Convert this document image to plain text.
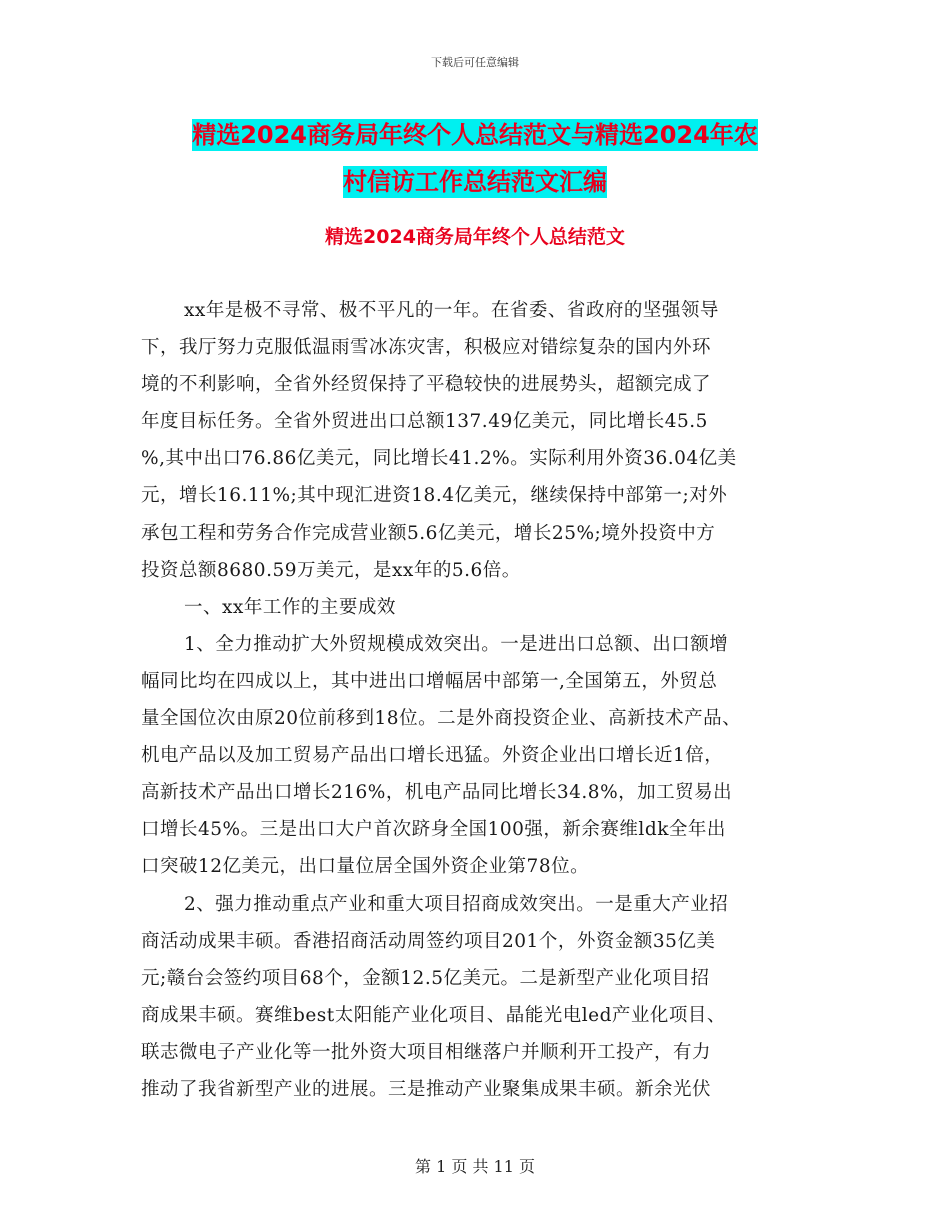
下载后可任意编辑
精选2024商务局年终个人总结范文与精选2024年农
村信访工作总结范文汇编
精选2024商务局年终个人总结范文
xx年是极不寻常、极不平凡的一年。在省委、省政府的坚强领导
下，我厅努力克服低温雨雪冰冻灾害，积极应对错综复杂的国内外环
境的不利影响，全省外经贸保持了平稳较快的进展势头，超额完成了
年度目标任务。全省外贸进出口总额137.49亿美元，同比增长45.5
%,其中出口76.86亿美元，同比增长41.2%。实际利用外资36.04亿美
元，增长16.11%;其中现汇进资18.4亿美元，继续保持中部第一;对外
承包工程和劳务合作完成营业额5.6亿美元，增长25%;境外投资中方
投资总额8680.59万美元，是xx年的5.6倍。
一、xx年工作的主要成效
1、全力推动扩大外贸规模成效突出。一是进出口总额、出口额增
幅同比均在四成以上，其中进出口增幅居中部第一,全国第五，外贸总
量全国位次由原20位前移到18位。二是外商投资企业、高新技术产品、
机电产品以及加工贸易产品出口增长迅猛。外资企业出口增长近1倍，
高新技术产品出口增长216%，机电产品同比增长34.8%，加工贸易出
口增长45%。三是出口大户首次跻身全国100强，新余赛维ldk全年出
口突破12亿美元，出口量位居全国外资企业第78位。
2、强力推动重点产业和重大项目招商成效突出。一是重大产业招
商活动成果丰硕。香港招商活动周签约项目201个，外资金额35亿美
元;赣台会签约项目68个，金额12.5亿美元。二是新型产业化项目招
商成果丰硕。赛维best太阳能产业化项目、晶能光电led产业化项目、
联志微电子产业化等一批外资大项目相继落户并顺利开工投产，有力
推动了我省新型产业的进展。三是推动产业聚集成果丰硕。新余光伏
第 1 页 共 11 页
